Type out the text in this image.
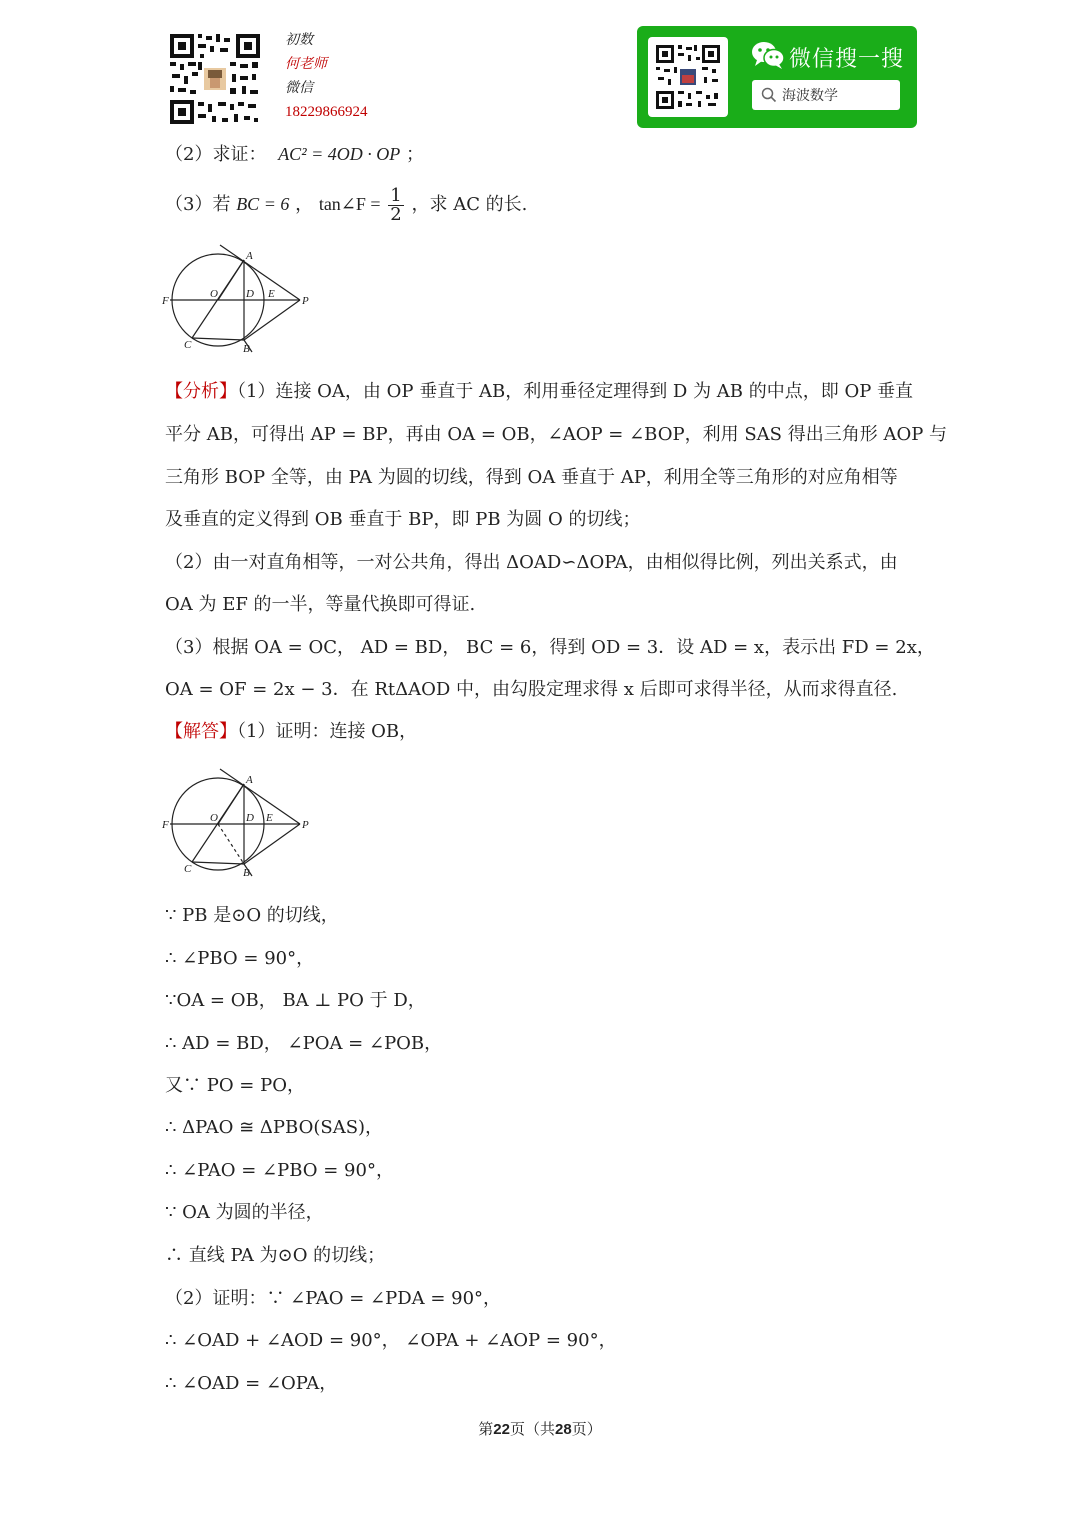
初数
何老师
微信
18229866924
微信搜一搜
海波数学
（2）求证： AC² = 4OD · OP ；
（3）若 BC = 6 ， tan∠F = $\frac{1}{2}$ ，求 AC 的长.
A
B
C
D E
F
O
P
【分析】（1）连接 OA，由 OP 垂直于 AB，利用垂径定理得到 D 为 AB 的中点，即 OP 垂直
平分 AB，可得出 AP = BP，再由 OA = OB，∠AOP = ∠BOP，利用 SAS 得出三角形 AOP 与
三角形 BOP 全等，由 PA 为圆的切线，得到 OA 垂直于 AP，利用全等三角形的对应角相等
及垂直的定义得到 OB 垂直于 BP，即 PB 为圆 O 的切线；
（2）由一对直角相等，一对公共角，得出 ΔOAD∽ΔOPA，由相似得比例，列出关系式，由
OA 为 EF 的一半，等量代换即可得证.
（3）根据 OA = OC， AD = BD， BC = 6，得到 OD = 3．设 AD = x，表示出 FD = 2x，
OA = OF = 2x − 3．在 RtΔAOD 中，由勾股定理求得 x 后即可求得半径，从而求得直径.
【解答】（1）证明：连接 OB，
A
B
C
D E
F
O
P
∵ PB 是⊙O 的切线，
∴ ∠PBO = 90°，
∵OA = OB， BA ⊥ PO 于 D，
∴ AD = BD， ∠POA = ∠POB，
又∵ PO = PO，
∴ ΔPAO ≅ ΔPBO(SAS)，
∴ ∠PAO = ∠PBO = 90°，
∵ OA 为圆的半径，
∴ 直线 PA 为⊙O 的切线；
（2）证明：∵ ∠PAO = ∠PDA = 90°，
∴ ∠OAD + ∠AOD = 90°， ∠OPA + ∠AOP = 90°，
∴ ∠OAD = ∠OPA，
第22页（共28页）
